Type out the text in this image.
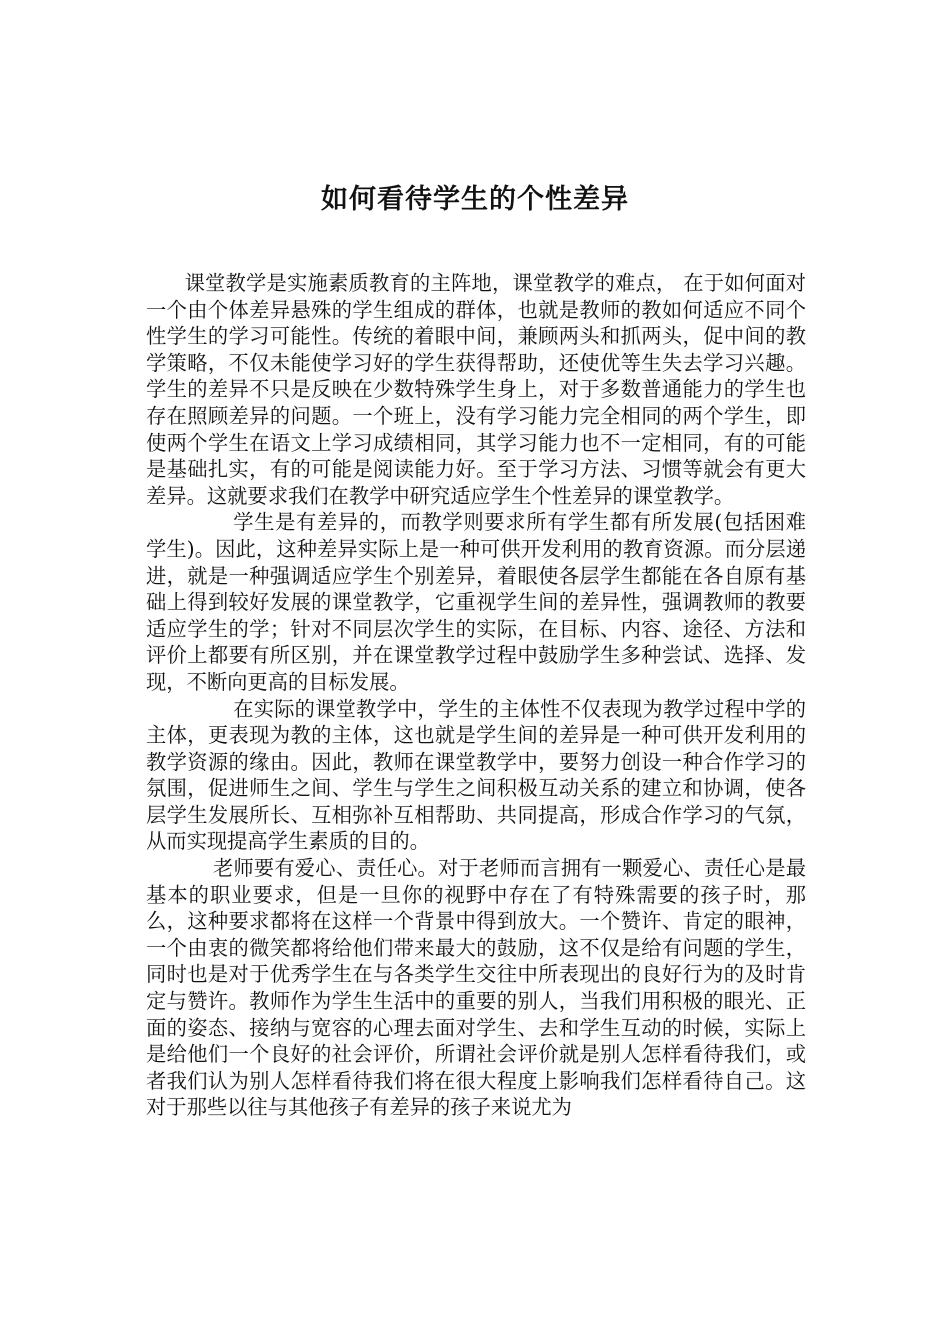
如何看待学生的个性差异

课堂教学是实施素质教育的主阵地，课堂教学的难点， 在于如何面对一个由个体差异悬殊的学生组成的群体，也就是教师的教如何适应不同个性学生的学习可能性。传统的着眼中间，兼顾两头和抓两头，促中间的教学策略，不仅未能使学习好的学生获得帮助，还使优等生失去学习兴趣。学生的差异不只是反映在少数特殊学生身上，对于多数普通能力的学生也存在照顾差异的问题。一个班上，没有学习能力完全相同的两个学生，即使两个学生在语文上学习成绩相同，其学习能力也不一定相同，有的可能是基础扎实，有的可能是阅读能力好。至于学习方法、习惯等就会有更大差异。这就要求我们在教学中研究适应学生个性差异的课堂教学。

学生是有差异的，而教学则要求所有学生都有所发展(包括困难学生)。因此，这种差异实际上是一种可供开发利用的教育资源。而分层递进，就是一种强调适应学生个别差异，着眼使各层学生都能在各自原有基础上得到较好发展的课堂教学，它重视学生间的差异性，强调教师的教要适应学生的学；针对不同层次学生的实际，在目标、内容、途径、方法和评价上都要有所区别，并在课堂教学过程中鼓励学生多种尝试、选择、发现，不断向更高的目标发展。

在实际的课堂教学中，学生的主体性不仅表现为教学过程中学的主体，更表现为教的主体，这也就是学生间的差异是一种可供开发利用的教学资源的缘由。因此，教师在课堂教学中，要努力创设一种合作学习的氛围，促进师生之间、学生与学生之间积极互动关系的建立和协调，使各层学生发展所长、互相弥补互相帮助、共同提高，形成合作学习的气氛，从而实现提高学生素质的目的。

老师要有爱心、责任心。对于老师而言拥有一颗爱心、责任心是最基本的职业要求，但是一旦你的视野中存在了有特殊需要的孩子时，那么，这种要求都将在这样一个背景中得到放大。一个赞许、肯定的眼神，一个由衷的微笑都将给他们带来最大的鼓励，这不仅是给有问题的学生，同时也是对于优秀学生在与各类学生交往中所表现出的良好行为的及时肯定与赞许。教师作为学生生活中的重要的别人，当我们用积极的眼光、正面的姿态、接纳与宽容的心理去面对学生、去和学生互动的时候，实际上是给他们一个良好的社会评价，所谓社会评价就是别人怎样看待我们，或者我们认为别人怎样看待我们将在很大程度上影响我们怎样看待自己。这对于那些以往与其他孩子有差异的孩子来说尤为
